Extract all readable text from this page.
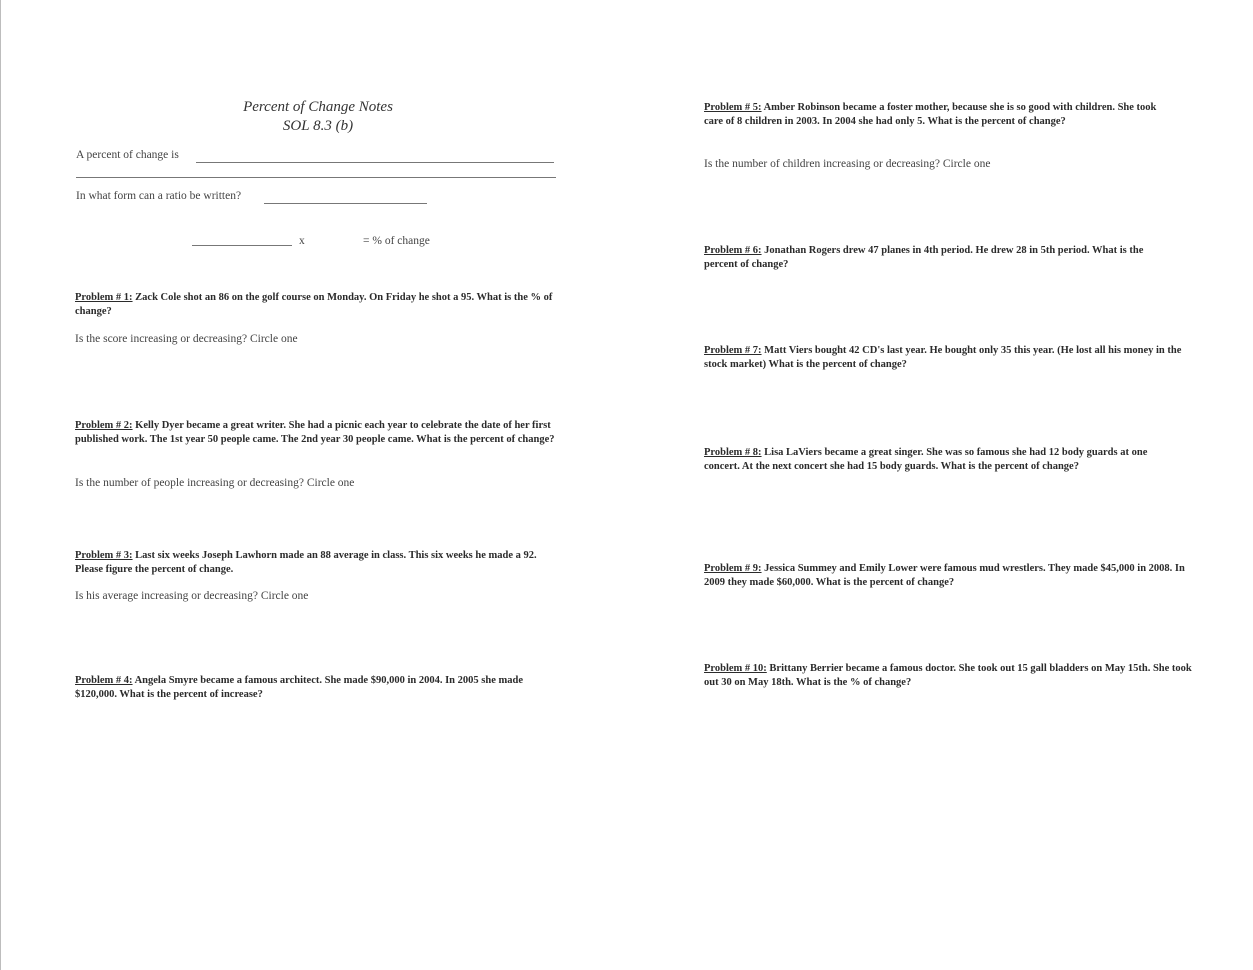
Percent of Change Notes
SOL 8.3 (b)
A percent of change is
In what form can a ratio be written?
x	= % of change
Problem # 1: Zack Cole shot an 86 on the golf course on Monday. On Friday he shot a 95. What is the % of change?
Is the score increasing or decreasing? Circle one
Problem # 2: Kelly Dyer became a great writer. She had a picnic each year to celebrate the date of her first published work. The 1st year 50 people came. The 2nd year 30 people came. What is the percent of change?
Is the number of people increasing or decreasing? Circle one
Problem # 3: Last six weeks Joseph Lawhorn made an 88 average in class. This six weeks he made a 92. Please figure the percent of change.
Is his average increasing or decreasing? Circle one
Problem # 4: Angela Smyre became a famous architect. She made $90,000 in 2004. In 2005 she made $120,000. What is the percent of increase?
Problem # 5: Amber Robinson became a foster mother, because she is so good with children. She took care of 8 children in 2003. In 2004 she had only 5. What is the percent of change?
Is the number of children increasing or decreasing? Circle one
Problem # 6: Jonathan Rogers drew 47 planes in 4th period. He drew 28 in 5th period. What is the percent of change?
Problem # 7: Matt Viers bought 42 CD's last year. He bought only 35 this year. (He lost all his money in the stock market) What is the percent of change?
Problem # 8: Lisa LaViers became a great singer. She was so famous she had 12 body guards at one concert. At the next concert she had 15 body guards. What is the percent of change?
Problem # 9: Jessica Summey and Emily Lower were famous mud wrestlers. They made $45,000 in 2008. In 2009 they made $60,000. What is the percent of change?
Problem # 10: Brittany Berrier became a famous doctor. She took out 15 gall bladders on May 15th. She took out 30 on May 18th. What is the % of change?
